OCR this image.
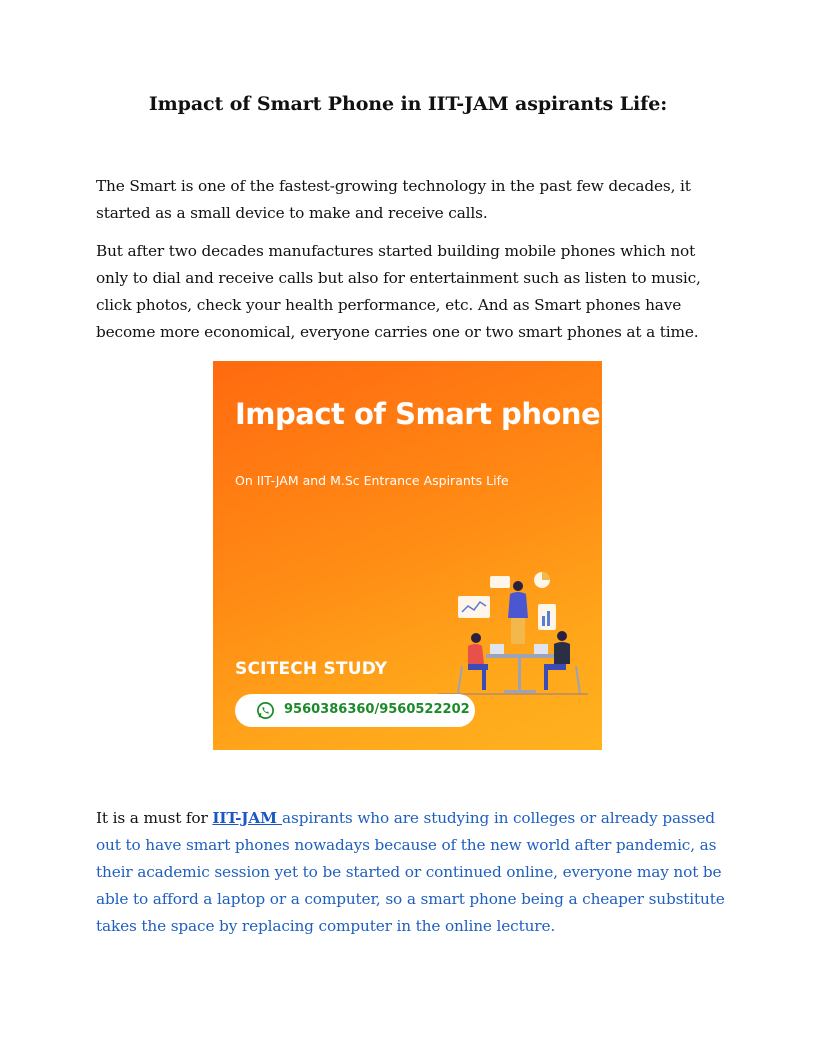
Impact of Smart Phone in IIT-JAM aspirants Life:

The Smart is one of the fastest-growing technology in the past few decades, it started as a small device to make and receive calls.

But after two decades manufactures started building mobile phones which not only to dial and receive calls but also for entertainment such as listen to music, click photos, check your health performance, etc. And as Smart phones have become more economical, everyone carries one or two smart phones at a time.

Impact of Smart phone
On IIT-JAM and M.Sc Entrance Aspirants Life
SCITECH STUDY
9560386360/9560522202

It is a must for IIT-JAM aspirants who are studying in colleges or already passed out to have smart phones nowadays because of the new world after pandemic, as their academic session yet to be started or continued online, everyone may not be able to afford a laptop or a computer, so a smart phone being a cheaper substitute takes the space by replacing computer in the online lecture.
